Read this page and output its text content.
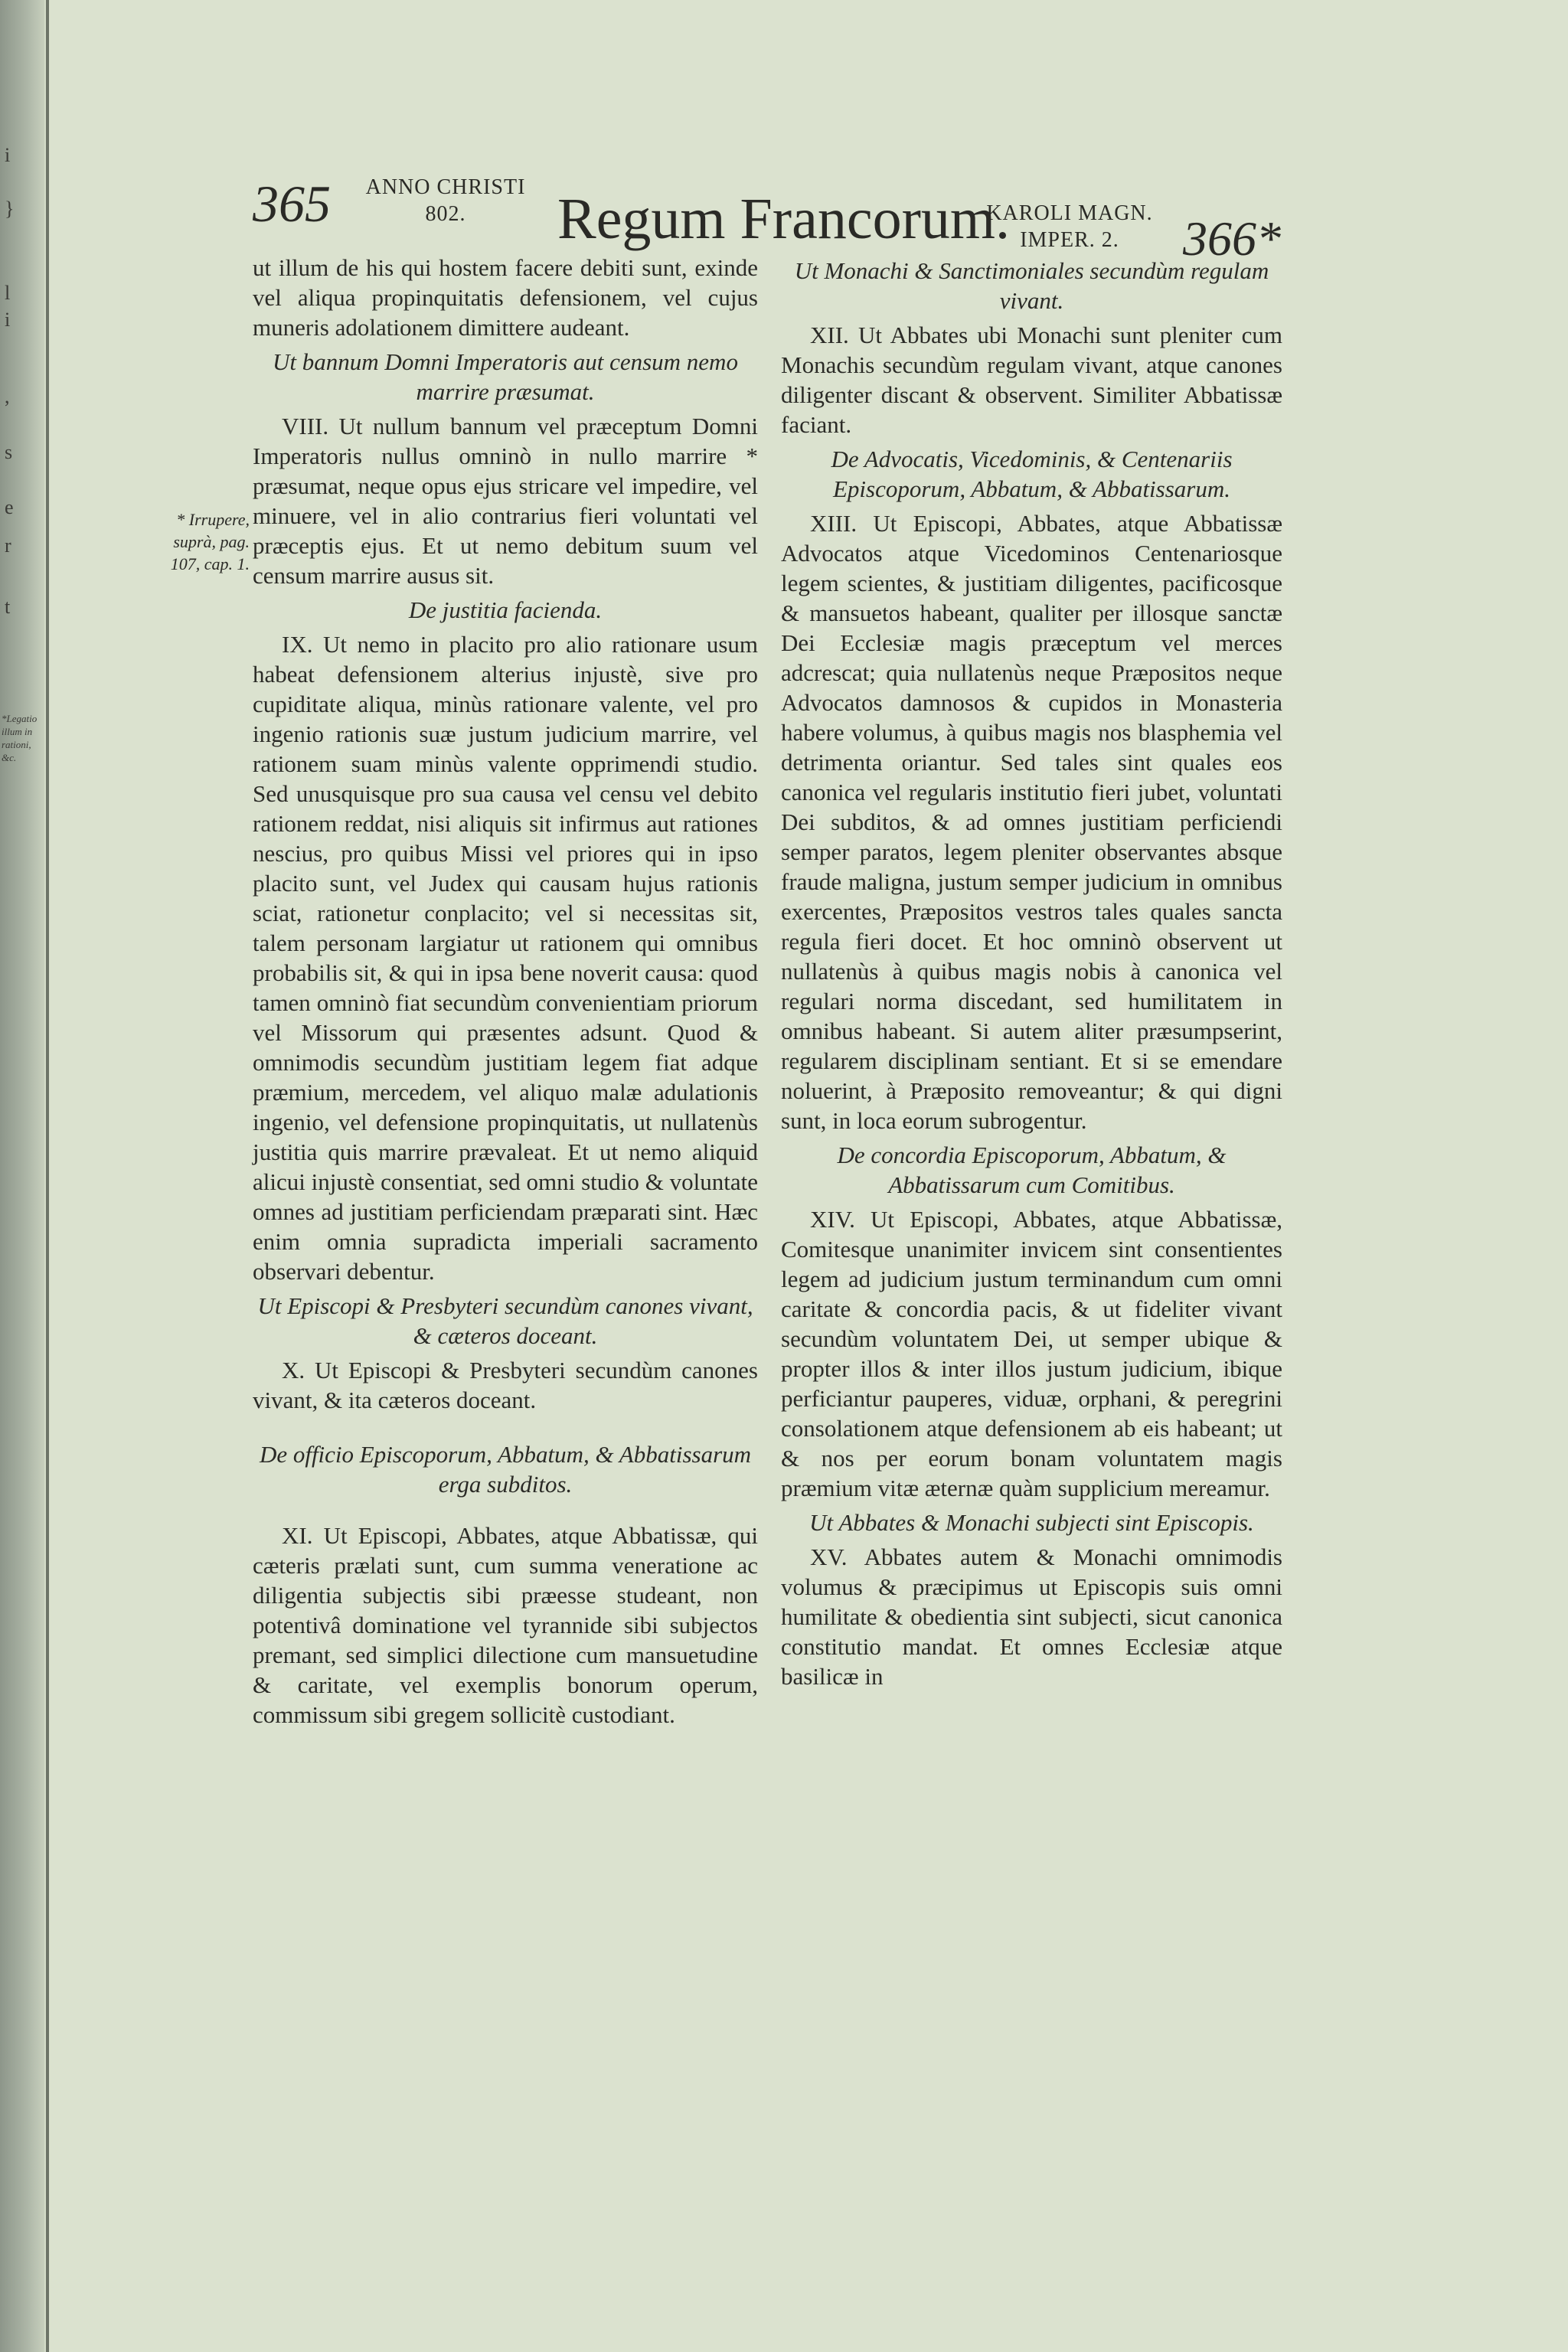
i
}
l
i
,
s
e
r
t
*Legatio
illum in
rationi,
&c.
365	ANNO CHRISTI
802.	Regum Francorum.
KAROLI MAGN.
IMPER. 2.	366*
* Irrupere,
suprà, pag.
107, cap. 1.

ut illum de his qui hostem facere debiti sunt, exinde vel aliqua propinquitatis defensionem, vel cujus muneris adolationem dimittere audeant.

Ut bannum Domni Imperatoris aut censum nemo marrire præsumat.

VIII. Ut nullum bannum vel præceptum Domni Imperatoris nullus omninò in nullo marrire * præsumat, neque opus ejus stricare vel impedire, vel minuere, vel in alio contrarius fieri voluntati vel præceptis ejus. Et ut nemo debitum suum vel censum marrire ausus sit.

De justitia facienda.

IX. Ut nemo in placito pro alio rationare usum habeat defensionem alterius injustè, sive pro cupiditate aliqua, minùs rationare valente, vel pro ingenio rationis suæ justum judicium marrire, vel rationem suam minùs valente opprimendi studio. Sed unusquisque pro sua causa vel censu vel debito rationem reddat, nisi aliquis sit infirmus aut rationes nescius, pro quibus Missi vel priores qui in ipso placito sunt, vel Judex qui causam hujus rationis sciat, rationetur conplacito; vel si necessitas sit, talem personam largiatur ut rationem qui omnibus probabilis sit, & qui in ipsa bene noverit causa: quod tamen omninò fiat secundùm convenientiam priorum vel Missorum qui præsentes adsunt. Quod & omnimodis secundùm justitiam legem fiat adque præmium, mercedem, vel aliquo malæ adulationis ingenio, vel defensione propinquitatis, ut nullatenùs justitia quis marrire prævaleat. Et ut nemo aliquid alicui injustè consentiat, sed omni studio & voluntate omnes ad justitiam perficiendam præparati sint. Hæc enim omnia supradicta imperiali sacramento observari debentur.

Ut Episcopi & Presbyteri secundùm canones vivant, & cæteros doceant.

X. Ut Episcopi & Presbyteri secundùm canones vivant, & ita cæteros doceant.

De officio Episcoporum, Abbatum, & Abbatissarum erga subditos.

XI. Ut Episcopi, Abbates, atque Abbatissæ, qui cæteris prælati sunt, cum summa veneratione ac diligentia subjectis sibi præesse studeant, non potentivâ dominatione vel tyrannide sibi subjectos premant, sed simplici dilectione cum mansuetudine & caritate, vel exemplis bonorum operum, commissum sibi gregem sollicitè custodiant.

Ut Monachi & Sanctimoniales secundùm regulam vivant.

XII. Ut Abbates ubi Monachi sunt pleniter cum Monachis secundùm regulam vivant, atque canones diligenter discant & observent. Similiter Abbatissæ faciant.

De Advocatis, Vicedominis, & Centenariis Episcoporum, Abbatum, & Abbatissarum.

XIII. Ut Episcopi, Abbates, atque Abbatissæ Advocatos atque Vicedominos Centenariosque legem scientes, & justitiam diligentes, pacificosque & mansuetos habeant, qualiter per illosque sanctæ Dei Ecclesiæ magis præceptum vel merces adcrescat; quia nullatenùs neque Præpositos neque Advocatos damnosos & cupidos in Monasteria habere volumus, à quibus magis nos blasphemia vel detrimenta oriantur. Sed tales sint quales eos canonica vel regularis institutio fieri jubet, voluntati Dei subditos, & ad omnes justitiam perficiendi semper paratos, legem pleniter observantes absque fraude maligna, justum semper judicium in omnibus exercentes, Præpositos vestros tales quales sancta regula fieri docet. Et hoc omninò observent ut nullatenùs à quibus magis nobis à canonica vel regulari norma discedant, sed humilitatem in omnibus habeant. Si autem aliter præsumpserint, regularem disciplinam sentiant. Et si se emendare noluerint, à Præposito removeantur; & qui digni sunt, in loca eorum subrogentur.

De concordia Episcoporum, Abbatum, & Abbatissarum cum Comitibus.

XIV. Ut Episcopi, Abbates, atque Abbatissæ, Comitesque unanimiter invicem sint consentientes legem ad judicium justum terminandum cum omni caritate & concordia pacis, & ut fideliter vivant secundùm voluntatem Dei, ut semper ubique & propter illos & inter illos justum judicium, ibique perficiantur pauperes, viduæ, orphani, & peregrini consolationem atque defensionem ab eis habeant; ut & nos per eorum bonam voluntatem magis præmium vitæ æternæ quàm supplicium mereamur.

Ut Abbates & Monachi subjecti sint Episcopis.

XV. Abbates autem & Monachi omnimodis volumus & præcipimus ut Episcopis suis omni humilitate & obedientia sint subjecti, sicut canonica constitutio mandat. Et omnes Ecclesiæ atque basilicæ in
